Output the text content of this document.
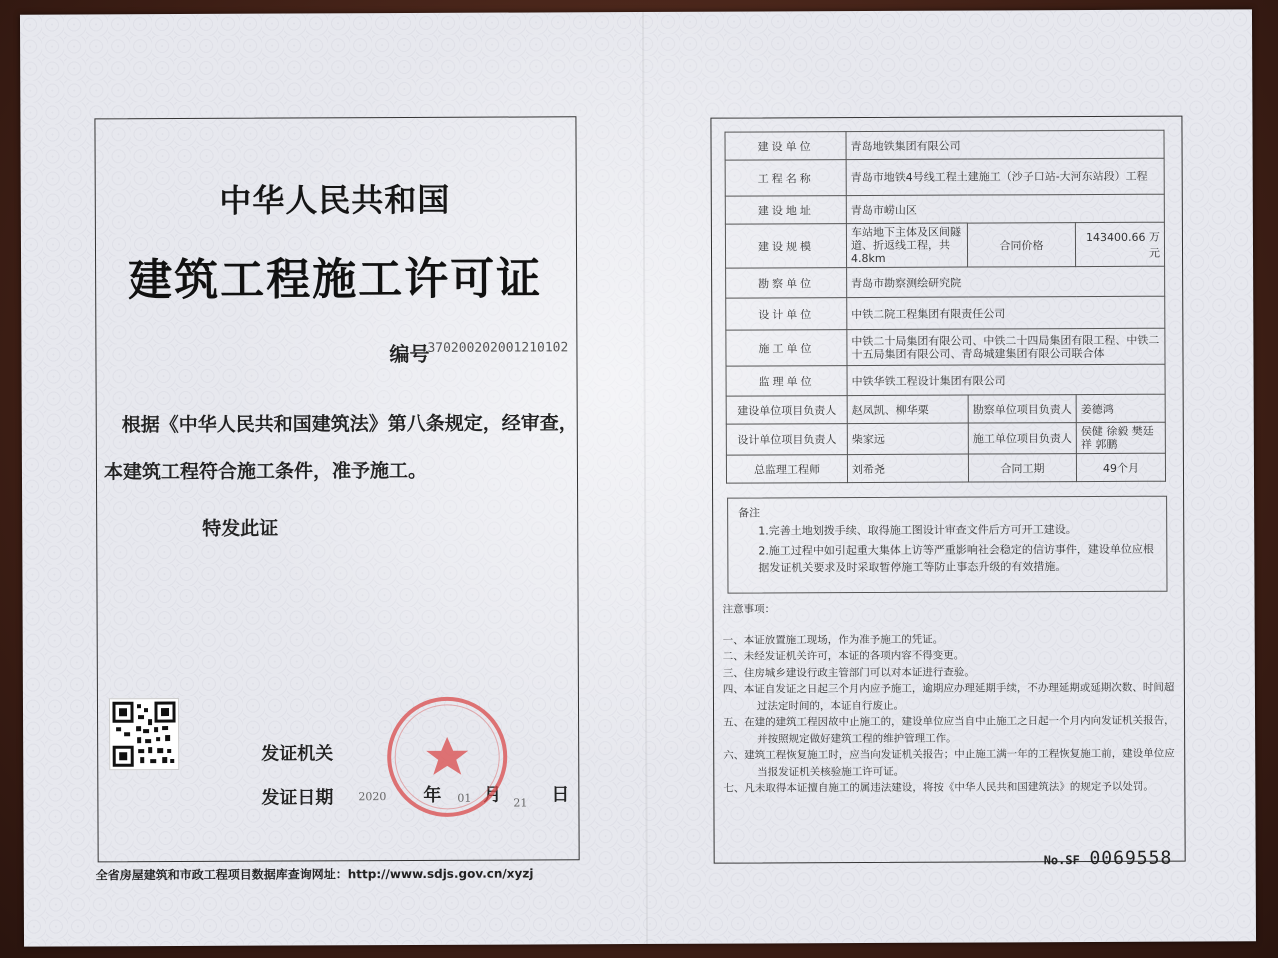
中华人民共和国
建筑工程施工许可证
编号
370200202001210102
根据《中华人民共和国建筑法》第八条规定，经审查，
本建筑工程符合施工条件，准予施工。
特发此证
发证机关
发证日期 2020 年 01 月 21 日
全省房屋建筑和市政工程项目数据库查询网址：http://www.sdjs.gov.cn/xyzj
建设单位	青岛地铁集团有限公司		
工程名称	青岛市地铁4号线工程土建施工（沙子口站-大河东站段）工程		
建设地址	青岛市崂山区		
建设规模	车站地下主体及区间隧道、折返线工程，共4.8km	合同价格	143400.66 万元
勘察单位	青岛市勘察测绘研究院		
设计单位	中铁二院工程集团有限责任公司		
施工单位	中铁二十局集团有限公司、中铁二十四局集团有限工程、中铁二十五局集团有限公司、青岛城建集团有限公司联合体		
监理单位	中铁华铁工程设计集团有限公司		
建设单位项目负责人	赵凤凯、柳华栗	勘察单位项目负责人	姜德鸿
设计单位项目负责人	柴家远	施工单位项目负责人	侯健 徐毅 樊廷祥 郭鹏
总监理工程师	刘希尧	合同工期	49个月
备注
1.完善土地划拨手续、取得施工图设计审查文件后方可开工建设。
2.施工过程中如引起重大集体上访等严重影响社会稳定的信访事件，建设单位应根据发证机关要求及时采取暂停施工等防止事态升级的有效措施。
注意事项：
一、本证放置施工现场，作为准予施工的凭证。
二、未经发证机关许可，本证的各项内容不得变更。
三、住房城乡建设行政主管部门可以对本证进行查验。
四、本证自发证之日起三个月内应予施工，逾期应办理延期手续，不办理延期或延期次数、时间超过法定时间的，本证自行废止。
五、在建的建筑工程因故中止施工的，建设单位应当自中止施工之日起一个月内向发证机关报告，并按照规定做好建筑工程的维护管理工作。
六、建筑工程恢复施工时，应当向发证机关报告；中止施工满一年的工程恢复施工前，建设单位应当报发证机关核验施工许可证。
七、凡未取得本证擅自施工的属违法建设，将按《中华人民共和国建筑法》的规定予以处罚。
No.SF 0069558
